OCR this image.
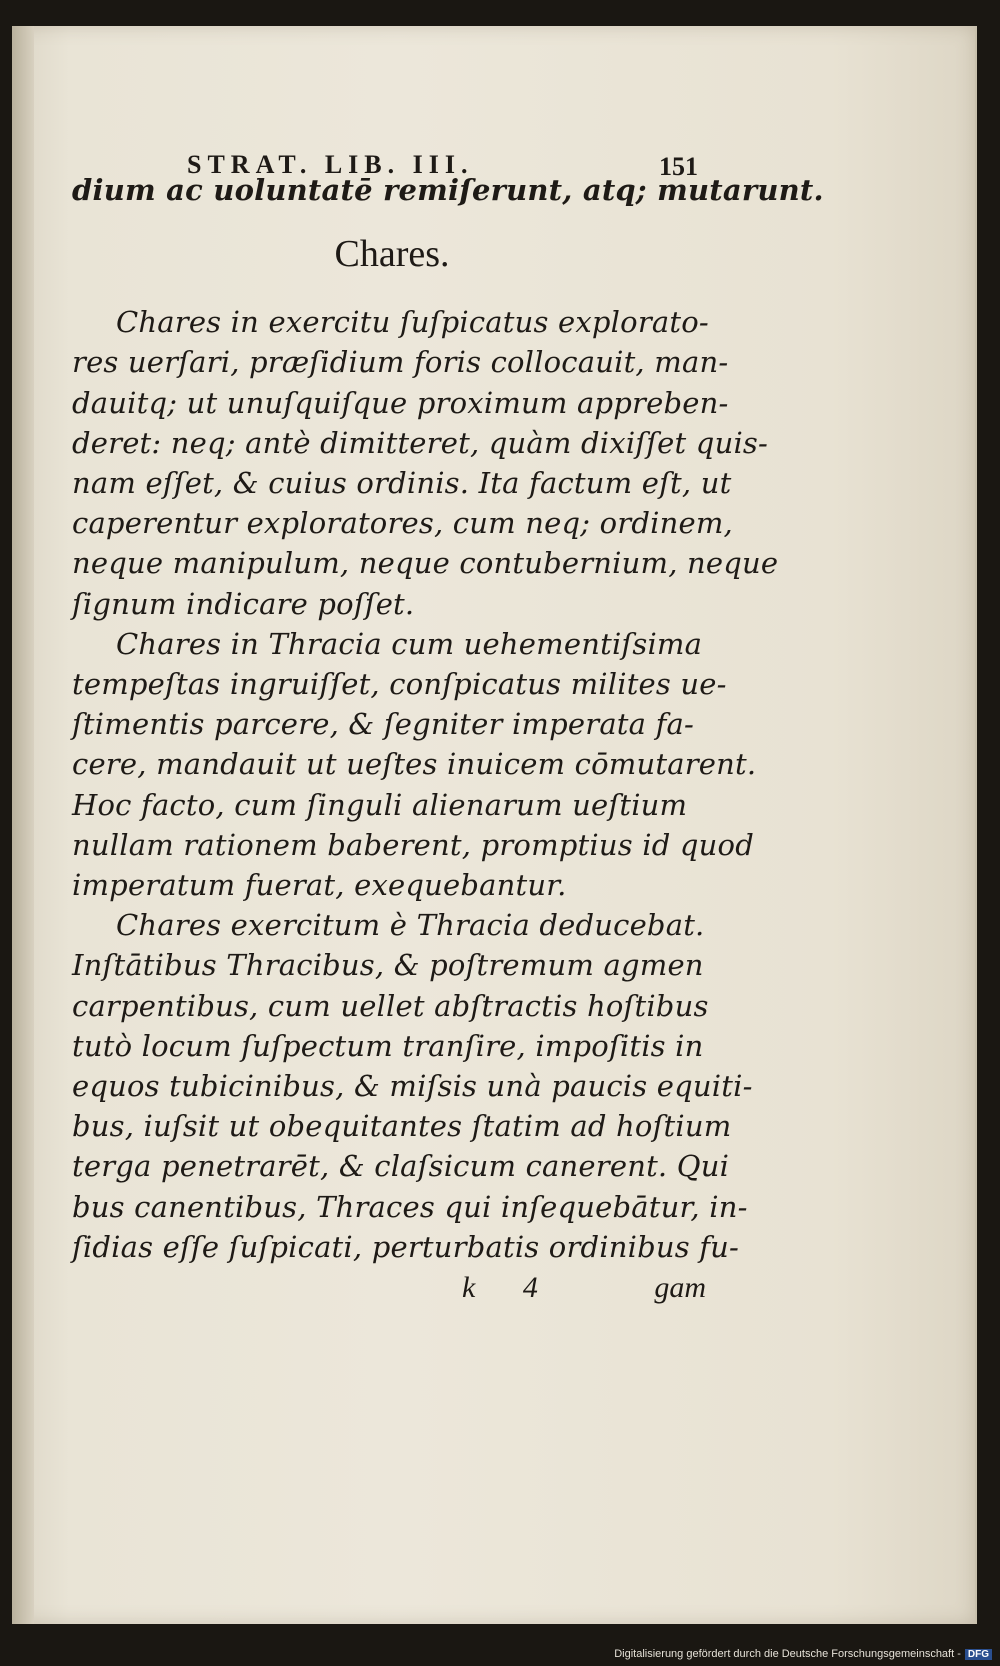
STRAT. LIB. III.	151
dium ac uoluntatē remiſerunt, atq; mutarunt.
Chares.
Chares in exercitu ſuſpicatus explorato-
res uerſari, præſidium foris collocauit, man-
dauitq; ut unuſquiſque proximum appreben-
deret: neq; antè dimitteret, quàm dixiſſet quis-
nam eſſet, & cuius ordinis. Ita factum eſt, ut
caperentur exploratores, cum neq; ordinem,
neque manipulum, neque contubernium, neque
ſignum indicare poſſet.
Chares in Thracia cum uehementiſsima
tempeſtas ingruiſſet, conſpicatus milites ue-
ſtimentis parcere, & ſegniter imperata fa-
cere, mandauit ut ueſtes inuicem cōmutarent.
Hoc facto, cum ſinguli alienarum ueſtium
nullam rationem baberent, promptius id quod
imperatum fuerat, exequebantur.
Chares exercitum è Thracia deducebat.
Inſtātibus Thracibus, & poſtremum agmen
carpentibus, cum uellet abſtractis hoſtibus
tutò locum ſuſpectum tranſire, impoſitis in
equos tubicinibus, & miſsis unà paucis equiti-
bus, iuſsit ut obequitantes ſtatim ad hoſtium
terga penetrarēt, & claſsicum canerent. Qui
bus canentibus, Thraces qui inſequebātur, in-
ſidias eſſe ſuſpicati, perturbatis ordinibus fu-
k 4	gam
Digitalisierung gefördert durch die Deutsche Forschungsgemeinschaft - DFG
